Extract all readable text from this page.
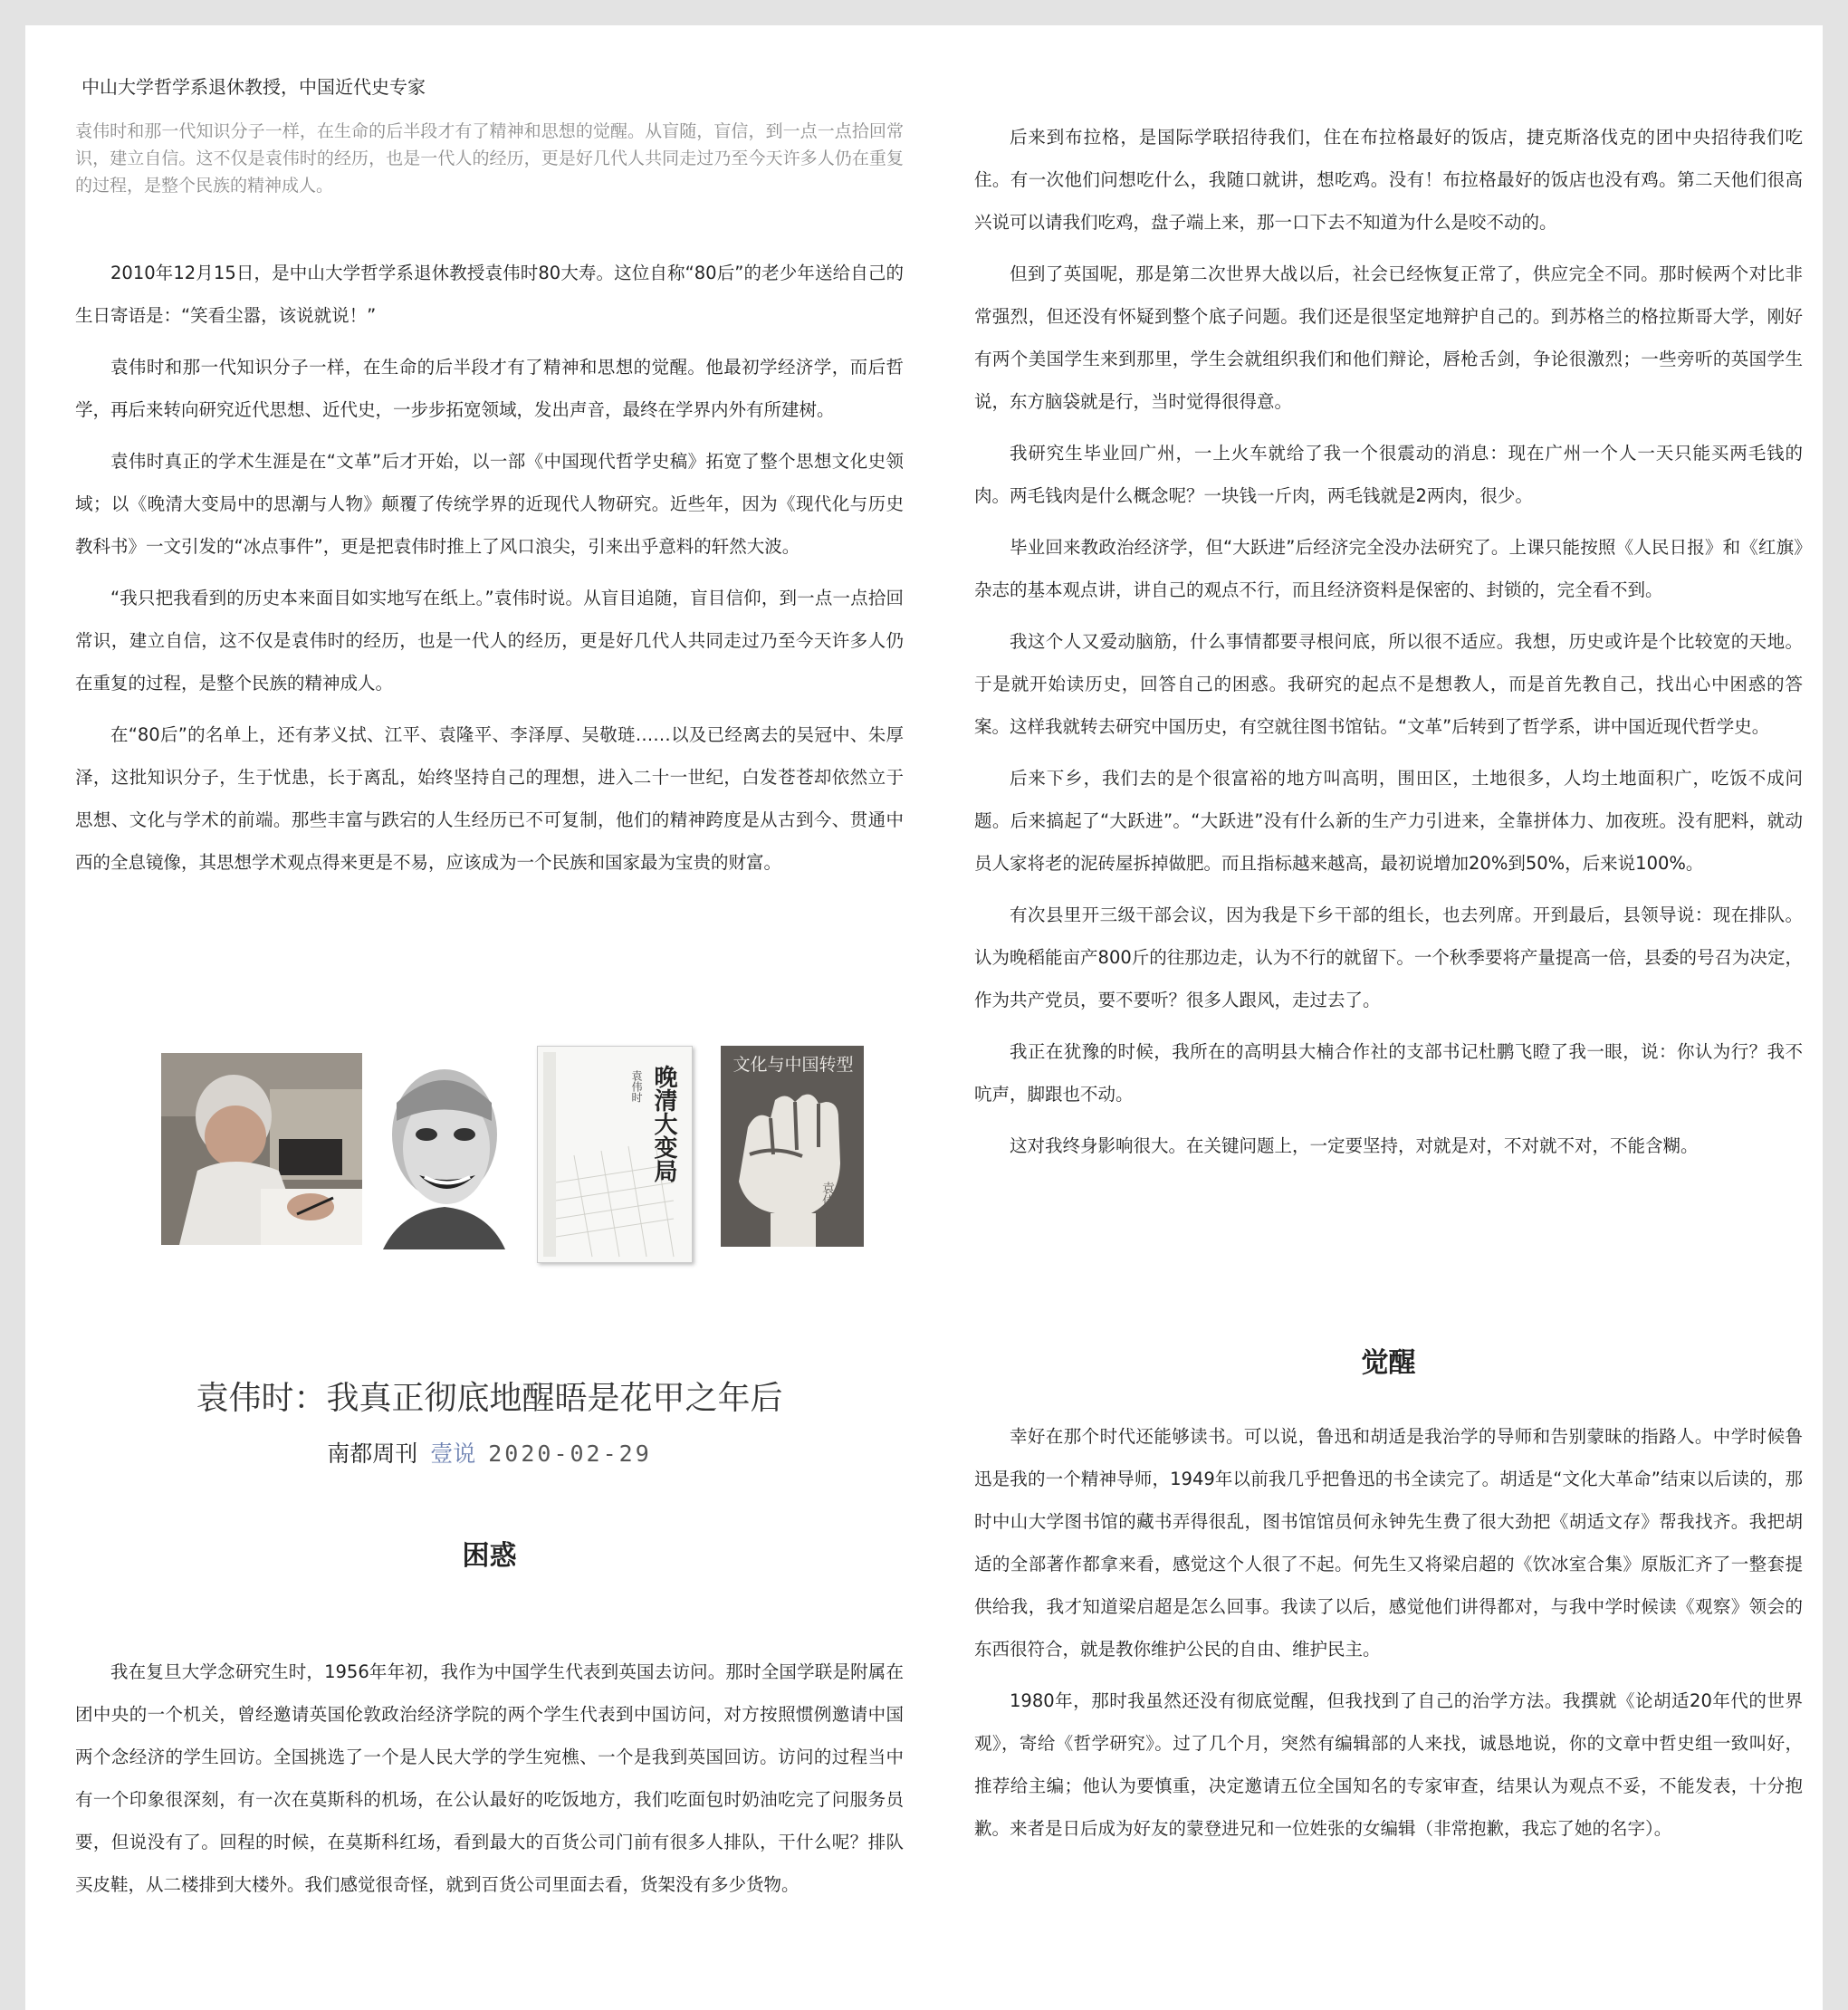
中山大学哲学系退休教授，中国近代史专家
袁伟时和那一代知识分子一样，在生命的后半段才有了精神和思想的觉醒。从盲随，盲信，到一点一点拾回常识，建立自信。这不仅是袁伟时的经历，也是一代人的经历，更是好几代人共同走过乃至今天许多人仍在重复的过程，是整个民族的精神成人。

2010年12月15日，是中山大学哲学系退休教授袁伟时80大寿。这位自称“80后”的老少年送给自己的生日寄语是：“笑看尘嚣，该说就说！”

袁伟时和那一代知识分子一样，在生命的后半段才有了精神和思想的觉醒。他最初学经济学，而后哲学，再后来转向研究近代思想、近代史，一步步拓宽领域，发出声音，最终在学界内外有所建树。

袁伟时真正的学术生涯是在“文革”后才开始，以一部《中国现代哲学史稿》拓宽了整个思想文化史领域；以《晚清大变局中的思潮与人物》颠覆了传统学界的近现代人物研究。近些年，因为《现代化与历史教科书》一文引发的“冰点事件”，更是把袁伟时推上了风口浪尖，引来出乎意料的轩然大波。

“我只把我看到的历史本来面目如实地写在纸上。”袁伟时说。从盲目追随，盲目信仰，到一点一点拾回常识，建立自信，这不仅是袁伟时的经历，也是一代人的经历，更是好几代人共同走过乃至今天许多人仍在重复的过程，是整个民族的精神成人。

在“80后”的名单上，还有茅义拭、江平、袁隆平、李泽厚、吴敬琏……以及已经离去的吴冠中、朱厚泽，这批知识分子，生于忧患，长于离乱，始终坚持自己的理想，进入二十一世纪，白发苍苍却依然立于思想、文化与学术的前端。那些丰富与跌宕的人生经历已不可复制，他们的精神跨度是从古到今、贯通中西的全息镜像，其思想学术观点得来更是不易，应该成为一个民族和国家最为宝贵的财富。

晚清大变局
袁伟时
文化与中国转型
袁伟时
袁伟时：我真正彻底地醒晤是花甲之年后
南都周刊 壹说 2020-02-29
困惑

我在复旦大学念研究生时，1956年年初，我作为中国学生代表到英国去访问。那时全国学联是附属在团中央的一个机关，曾经邀请英国伦敦政治经济学院的两个学生代表到中国访问，对方按照惯例邀请中国两个念经济的学生回访。全国挑选了一个是人民大学的学生宛樵、一个是我到英国回访。访问的过程当中有一个印象很深刻，有一次在莫斯科的机场，在公认最好的吃饭地方，我们吃面包时奶油吃完了问服务员要，但说没有了。回程的时候，在莫斯科红场，看到最大的百货公司门前有很多人排队，干什么呢？排队买皮鞋，从二楼排到大楼外。我们感觉很奇怪，就到百货公司里面去看，货架没有多少货物。

后来到布拉格，是国际学联招待我们，住在布拉格最好的饭店，捷克斯洛伐克的团中央招待我们吃住。有一次他们问想吃什么，我随口就讲，想吃鸡。没有！布拉格最好的饭店也没有鸡。第二天他们很高兴说可以请我们吃鸡，盘子端上来，那一口下去不知道为什么是咬不动的。

但到了英国呢，那是第二次世界大战以后，社会已经恢复正常了，供应完全不同。那时候两个对比非常强烈，但还没有怀疑到整个底子问题。我们还是很坚定地辩护自己的。到苏格兰的格拉斯哥大学，刚好有两个美国学生来到那里，学生会就组织我们和他们辩论，唇枪舌剑，争论很激烈；一些旁听的英国学生说，东方脑袋就是行，当时觉得很得意。

我研究生毕业回广州，一上火车就给了我一个很震动的消息：现在广州一个人一天只能买两毛钱的肉。两毛钱肉是什么概念呢？一块钱一斤肉，两毛钱就是2两肉，很少。

毕业回来教政治经济学，但“大跃进”后经济完全没办法研究了。上课只能按照《人民日报》和《红旗》杂志的基本观点讲，讲自己的观点不行，而且经济资料是保密的、封锁的，完全看不到。

我这个人又爱动脑筋，什么事情都要寻根问底，所以很不适应。我想，历史或许是个比较宽的天地。于是就开始读历史，回答自己的困惑。我研究的起点不是想教人，而是首先教自己，找出心中困惑的答案。这样我就转去研究中国历史，有空就往图书馆钻。“文革”后转到了哲学系，讲中国近现代哲学史。

后来下乡，我们去的是个很富裕的地方叫高明，围田区，土地很多，人均土地面积广，吃饭不成问题。后来搞起了“大跃进”。“大跃进”没有什么新的生产力引进来，全靠拼体力、加夜班。没有肥料，就动员人家将老的泥砖屋拆掉做肥。而且指标越来越高，最初说增加20%到50%，后来说100%。

有次县里开三级干部会议，因为我是下乡干部的组长，也去列席。开到最后，县领导说：现在排队。认为晚稻能亩产800斤的往那边走，认为不行的就留下。一个秋季要将产量提高一倍，县委的号召为决定，作为共产党员，要不要听？很多人跟风，走过去了。

我正在犹豫的时候，我所在的高明县大楠合作社的支部书记杜鹏飞瞪了我一眼，说：你认为行？我不吭声，脚跟也不动。

这对我终身影响很大。在关键问题上，一定要坚持，对就是对，不对就不对，不能含糊。

觉醒

幸好在那个时代还能够读书。可以说，鲁迅和胡适是我治学的导师和告别蒙昧的指路人。中学时候鲁迅是我的一个精神导师，1949年以前我几乎把鲁迅的书全读完了。胡适是“文化大革命”结束以后读的，那时中山大学图书馆的藏书弄得很乱，图书馆馆员何永钟先生费了很大劲把《胡适文存》帮我找齐。我把胡适的全部著作都拿来看，感觉这个人很了不起。何先生又将梁启超的《饮冰室合集》原版汇齐了一整套提供给我，我才知道梁启超是怎么回事。我读了以后，感觉他们讲得都对，与我中学时候读《观察》领会的东西很符合，就是教你维护公民的自由、维护民主。

1980年，那时我虽然还没有彻底觉醒，但我找到了自己的治学方法。我撰就《论胡适20年代的世界观》，寄给《哲学研究》。过了几个月，突然有编辑部的人来找，诚恳地说，你的文章中哲史组一致叫好，推荐给主编；他认为要慎重，决定邀请五位全国知名的专家审查，结果认为观点不妥，不能发表，十分抱歉。来者是日后成为好友的蒙登进兄和一位姓张的女编辑（非常抱歉，我忘了她的名字）。
